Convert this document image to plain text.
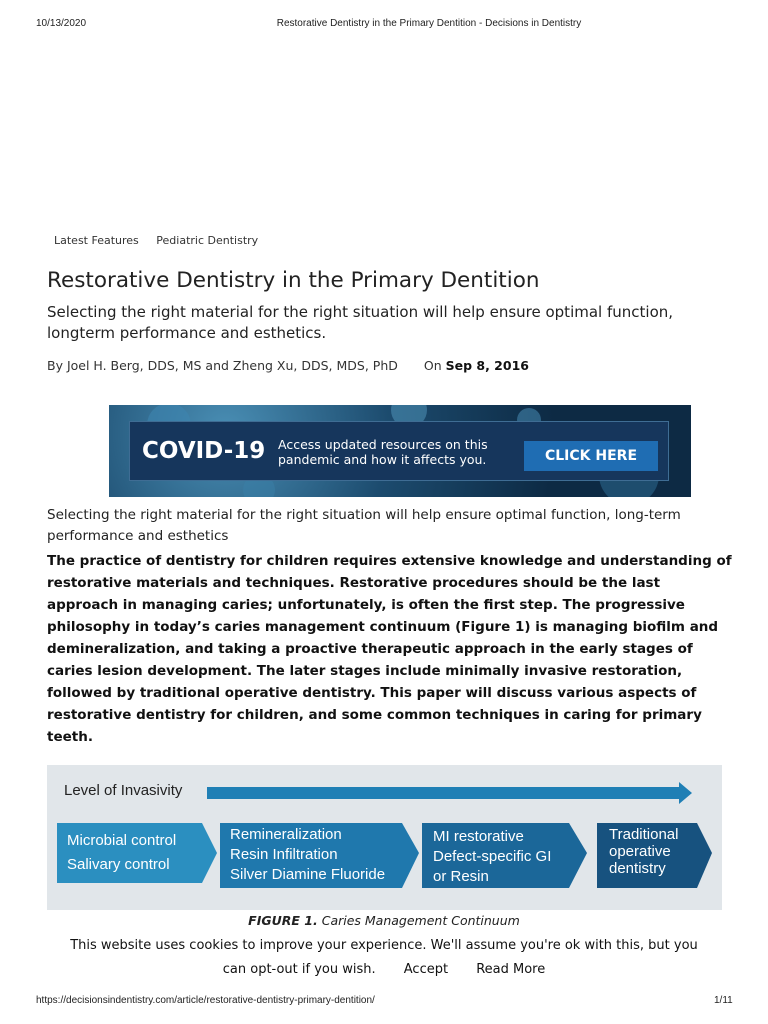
10/13/2020	Restorative Dentistry in the Primary Dentition - Decisions in Dentistry
Latest Features Pediatric Dentistry
Restorative Dentistry in the Primary Dentition
Selecting the right material for the right situation will help ensure optimal function, longterm performance and esthetics.
By Joel H. Berg, DDS, MS and Zheng Xu, DDS, MDS, PhD On Sep 8, 2016
COVID-19 Access updated resources on this pandemic and how it affects you.	CLICK HERE
Selecting the right material for the right situation will help ensure optimal function, long-term performance and esthetics
The practice of dentistry for children requires extensive knowledge and understanding of restorative materials and techniques. Restorative procedures should be the last approach in managing caries; unfortunately, is often the first step. The progressive philosophy in today’s caries management continuum (Figure 1) is managing biofilm and demineralization, and taking a proactive therapeutic approach in the early stages of caries lesion development. The later stages include minimally invasive restoration, followed by traditional operative dentistry. This paper will discuss various aspects of restorative dentistry for children, and some common techniques in caring for primary teeth.
Level of Invasivity
Microbial control
Salivary control
Remineralization
Resin Infiltration
Silver Diamine Fluoride
MI restorative
Defect-specific GI
or Resin
Traditional
operative
dentistry
FIGURE 1. Caries Management Continuum
This website uses cookies to improve your experience. We'll assume you're ok with this, but you
can opt-out if you wish. Accept Read More
https://decisionsindentistry.com/article/restorative-dentistry-primary-dentition/	1/11
